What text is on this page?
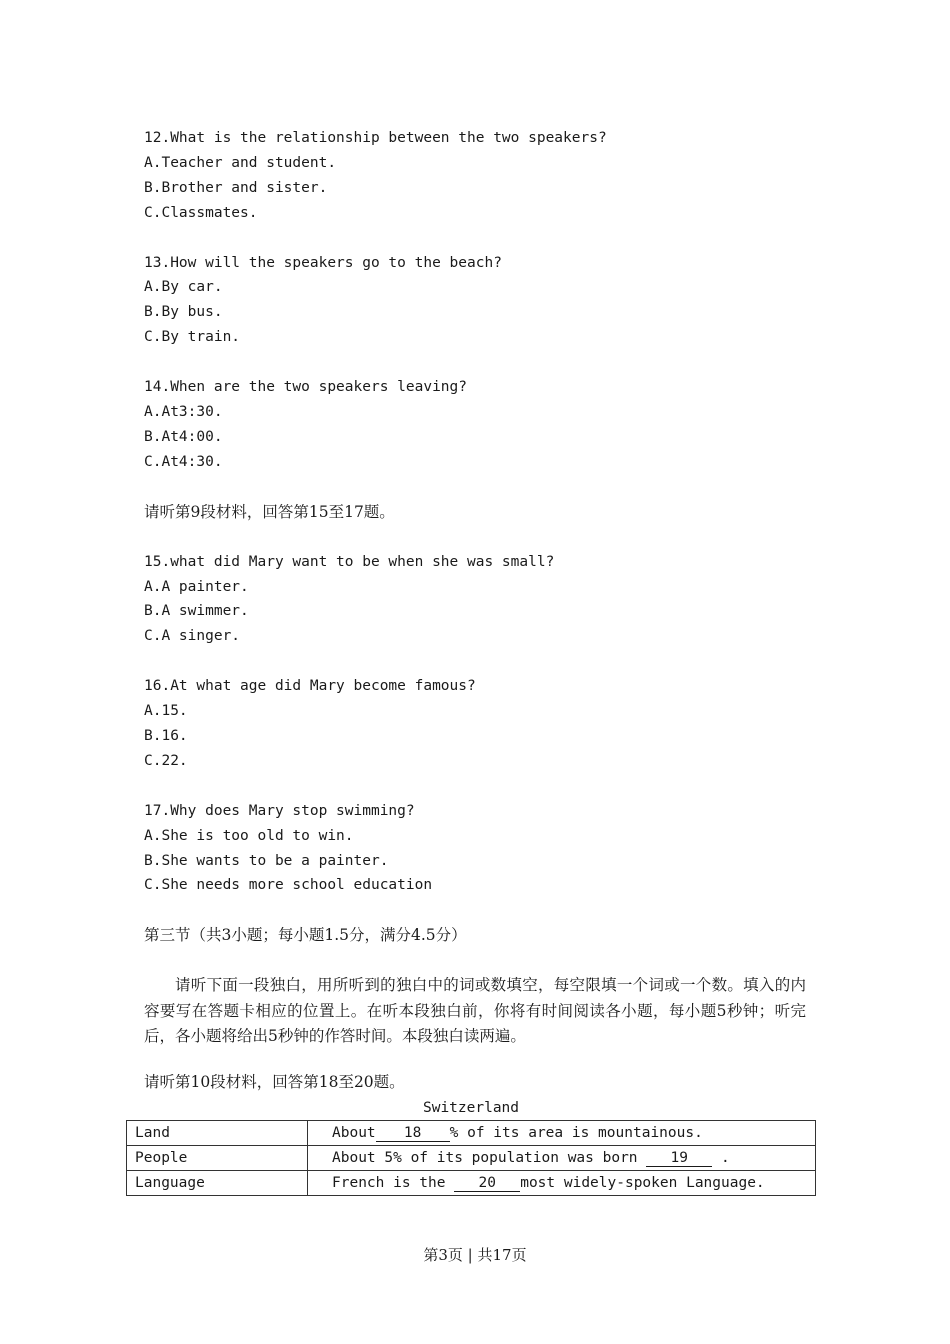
12.What is the relationship between the two speakers?
A.Teacher and student.
B.Brother and sister.
C.Classmates.
13.How will the speakers go to the beach?
A.By car.
B.By bus.
C.By train.
14.When are the two speakers leaving?
A.At3:30.
B.At4:00.
C.At4:30.
请听第9段材料，回答第15至17题。
15.what did Mary want to be when she was small?
A.A painter.
B.A swimmer.
C.A singer.
16.At what age did Mary become famous?
A.15.
B.16.
C.22.
17.Why does Mary stop swimming?
A.She is too old to win.
B.She wants to be a painter.
C.She needs more school education
第三节（共3小题；每小题1.5分，满分4.5分）
请听下面一段独白，用所听到的独白中的词或数填空，每空限填一个词或一个数。填入的内容要写在答题卡相应的位置上。在听本段独白前，你将有时间阅读各小题，每小题5秒钟；听完后，各小题将给出5秒钟的作答时间。本段独白读两遍。
请听第10段材料，回答第18至20题。
Switzerland
Land	About 18 % of its area is mountainous.
People	About 5% of its population was born 19 .
Language	French is the 20 most widely-spoken Language.
第3页 | 共17页
